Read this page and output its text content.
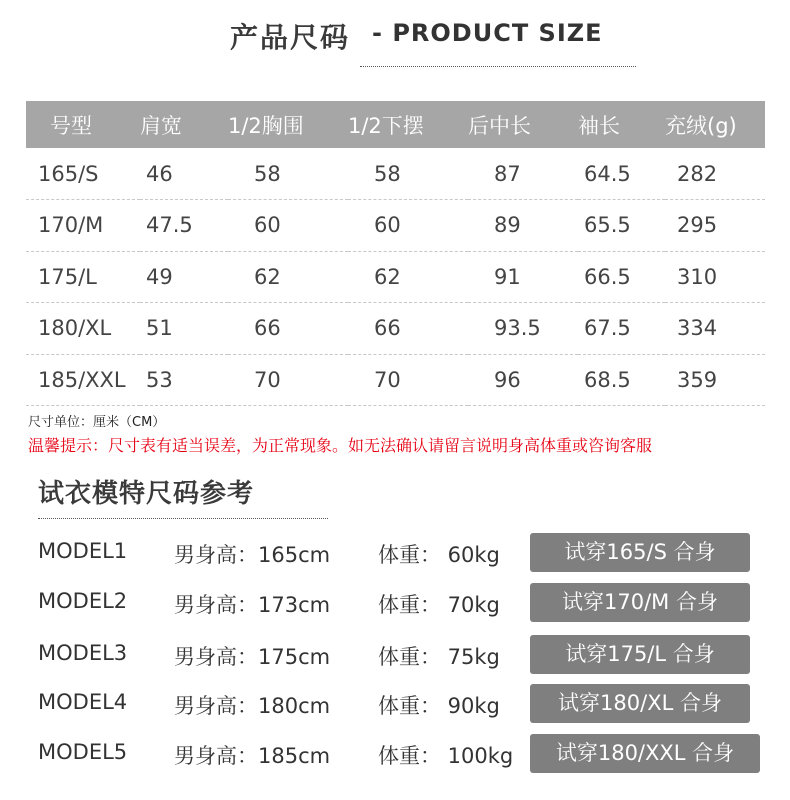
产品尺码 - PRODUCT SIZE
号型	肩宽	1/2胸围	1/2下摆	后中长	袖长	充绒(g)
165/S	46	58	58	87	64.5	282
170/M	47.5	60	60	89	65.5	295
175/L	49	62	62	91	66.5	310
180/XL	51	66	66	93.5	67.5	334
185/XXL	53	70	70	96	68.5	359
尺寸单位：厘米（CM）
温馨提示：尺寸表有适当误差，为正常现象。如无法确认请留言说明身高体重或咨询客服
试衣模特尺码参考
MODEL1 男身高：165cm 体重： 60kg	试穿165/S 合身
MODEL2 男身高：173cm 体重： 70kg	试穿170/M 合身
MODEL3 男身高：175cm 体重： 75kg	试穿175/L 合身
MODEL4 男身高：180cm 体重： 90kg	试穿180/XL 合身
MODEL5 男身高：185cm 体重： 100kg	试穿180/XXL 合身
